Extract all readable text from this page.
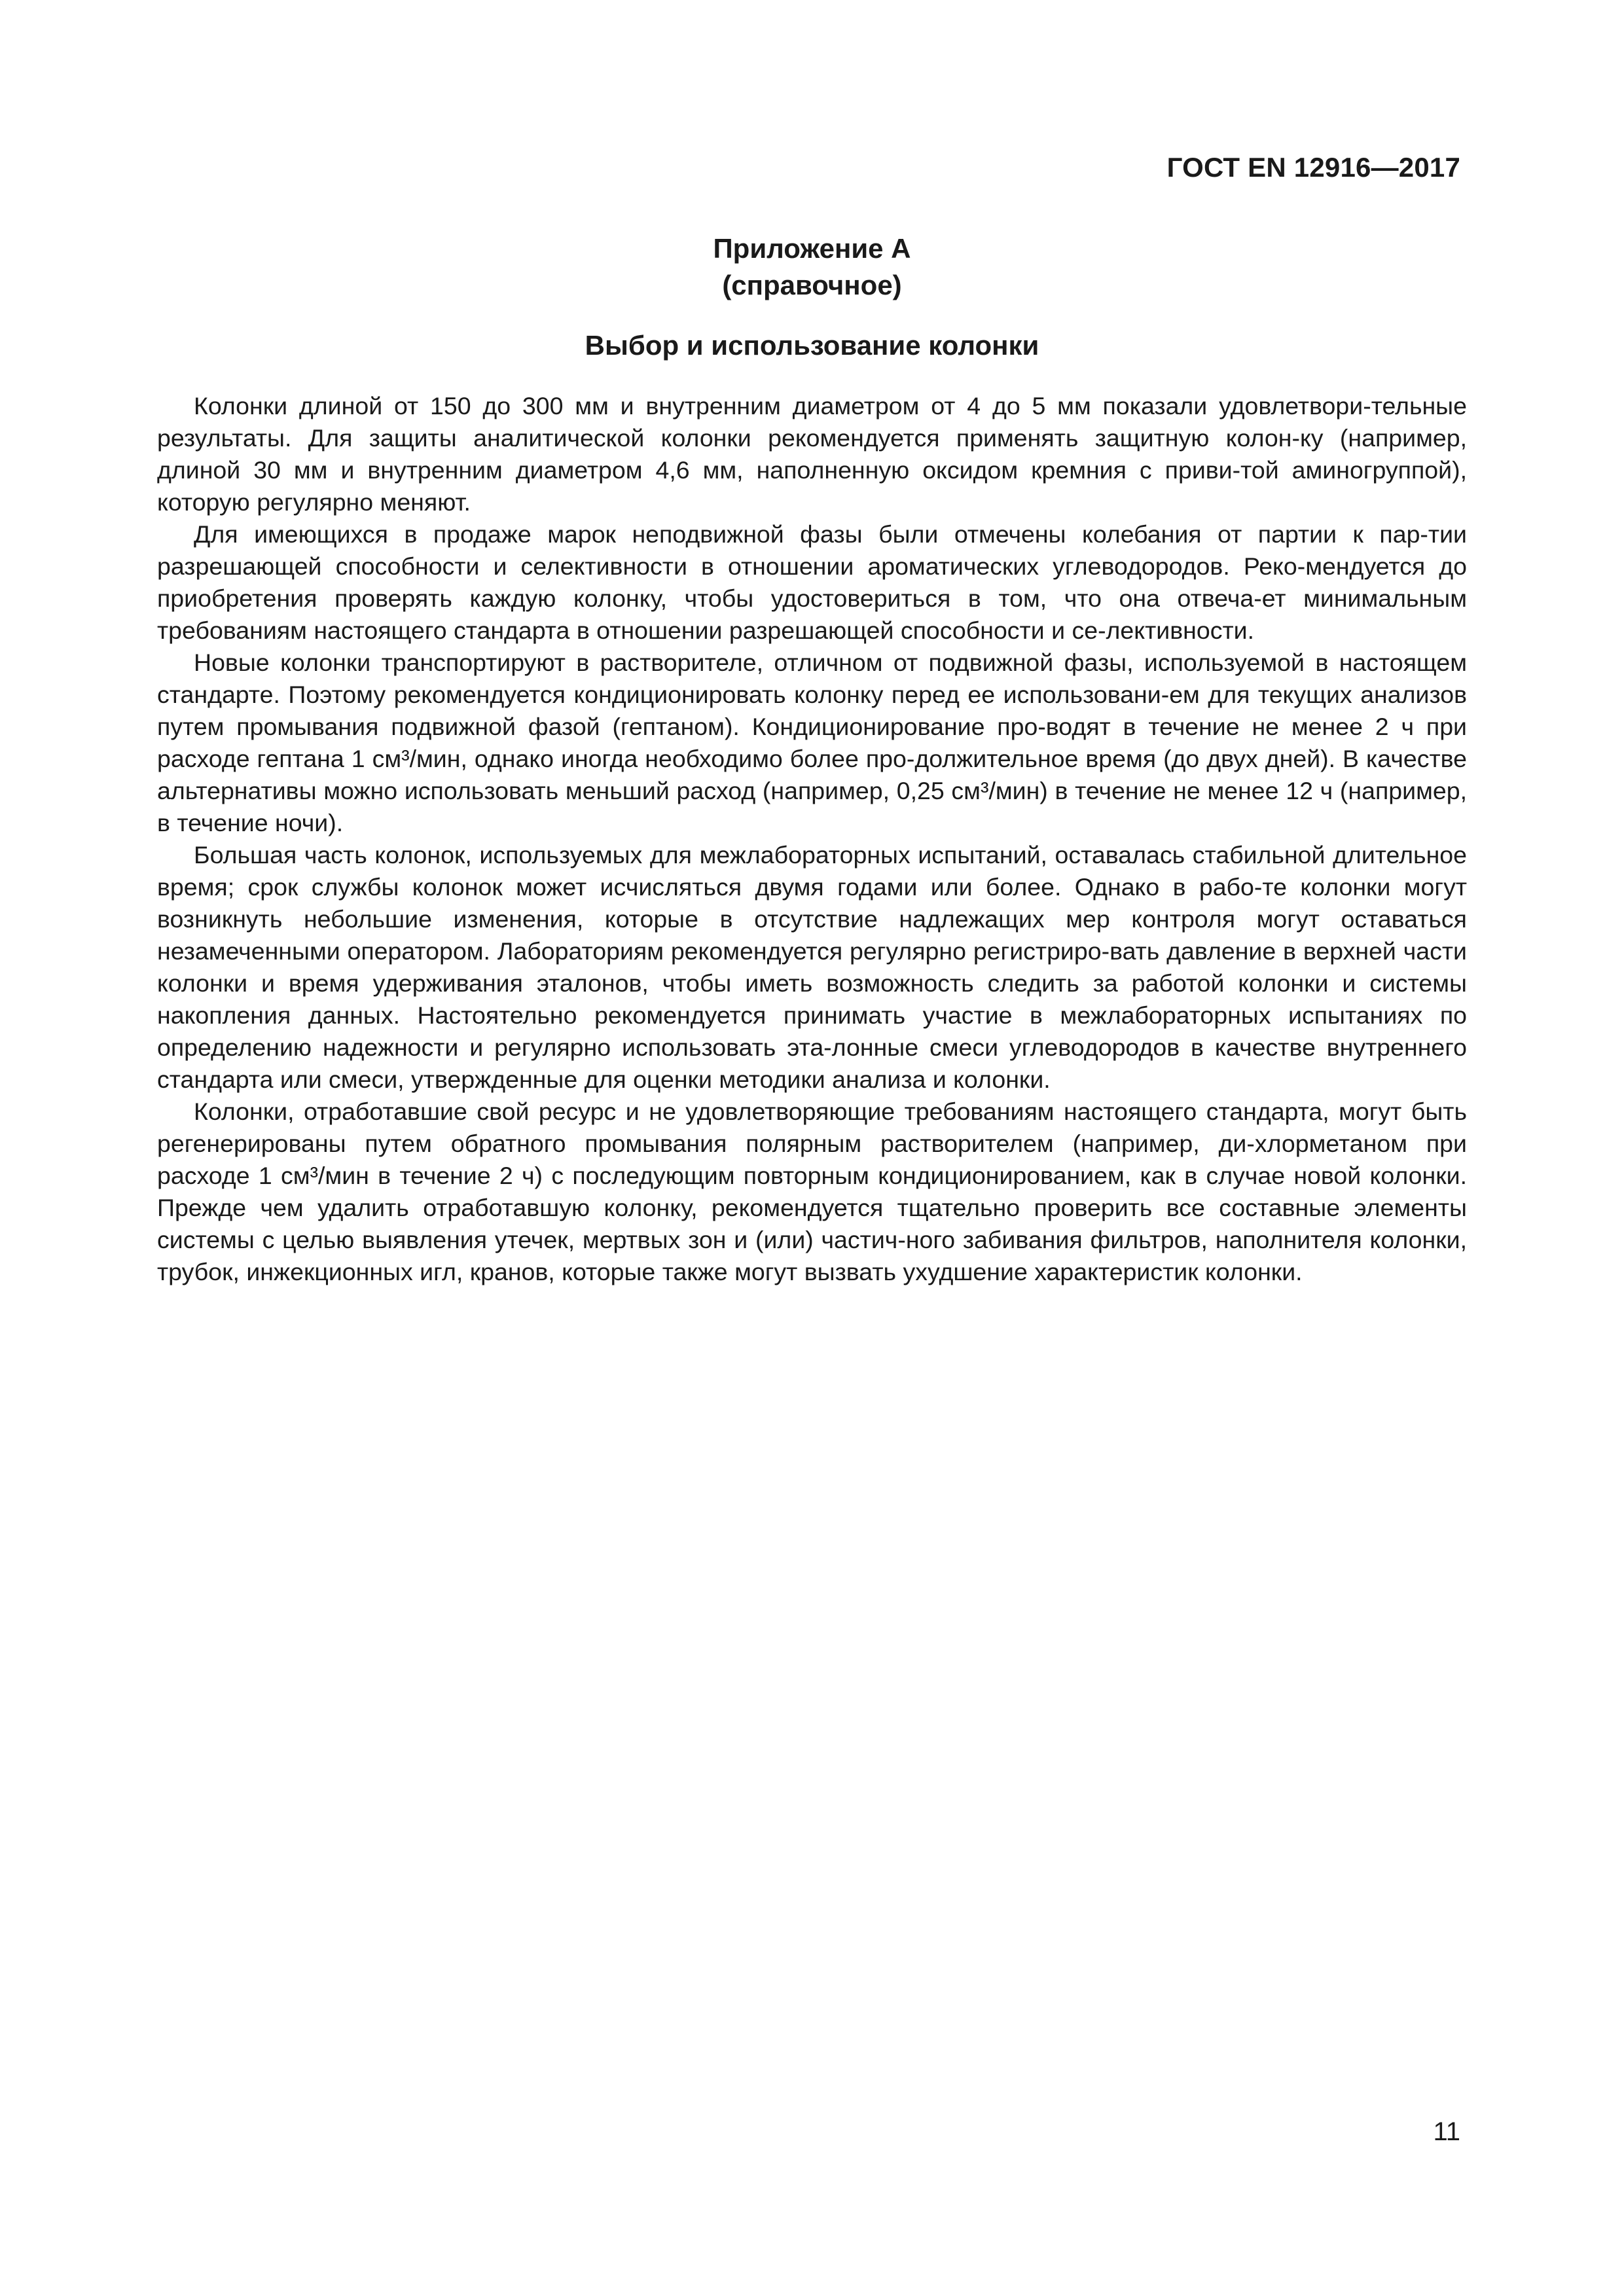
ГОСТ EN 12916—2017

Приложение А
(справочное)
Выбор и использование колонки

Колонки длиной от 150 до 300 мм и внутренним диаметром от 4 до 5 мм показали удовлетвори-тельные результаты. Для защиты аналитической колонки рекомендуется применять защитную колон-ку (например, длиной 30 мм и внутренним диаметром 4,6 мм, наполненную оксидом кремния с приви-той аминогруппой), которую регулярно меняют.

Для имеющихся в продаже марок неподвижной фазы были отмечены колебания от партии к пар-тии разрешающей способности и селективности в отношении ароматических углеводородов. Реко-мендуется до приобретения проверять каждую колонку, чтобы удостовериться в том, что она отвеча-ет минимальным требованиям настоящего стандарта в отношении разрешающей способности и се-лективности.

Новые колонки транспортируют в растворителе, отличном от подвижной фазы, используемой в настоящем стандарте. Поэтому рекомендуется кондиционировать колонку перед ее использовани-ем для текущих анализов путем промывания подвижной фазой (гептаном). Кондиционирование про-водят в течение не менее 2 ч при расходе гептана 1 см³/мин, однако иногда необходимо более про-должительное время (до двух дней). В качестве альтернативы можно использовать меньший расход (например, 0,25 см³/мин) в течение не менее 12 ч (например, в течение ночи).

Большая часть колонок, используемых для межлабораторных испытаний, оставалась стабильной длительное время; срок службы колонок может исчисляться двумя годами или более. Однако в рабо-те колонки могут возникнуть небольшие изменения, которые в отсутствие надлежащих мер контроля могут оставаться незамеченными оператором. Лабораториям рекомендуется регулярно регистриро-вать давление в верхней части колонки и время удерживания эталонов, чтобы иметь возможность следить за работой колонки и системы накопления данных. Настоятельно рекомендуется принимать участие в межлабораторных испытаниях по определению надежности и регулярно использовать эта-лонные смеси углеводородов в качестве внутреннего стандарта или смеси, утвержденные для оценки методики анализа и колонки.

Колонки, отработавшие свой ресурс и не удовлетворяющие требованиям настоящего стандарта, могут быть регенерированы путем обратного промывания полярным растворителем (например, ди-хлорметаном при расходе 1 см³/мин в течение 2 ч) с последующим повторным кондиционированием, как в случае новой колонки. Прежде чем удалить отработавшую колонку, рекомендуется тщательно проверить все составные элементы системы с целью выявления утечек, мертвых зон и (или) частич-ного забивания фильтров, наполнителя колонки, трубок, инжекционных игл, кранов, которые также могут вызвать ухудшение характеристик колонки.

11
